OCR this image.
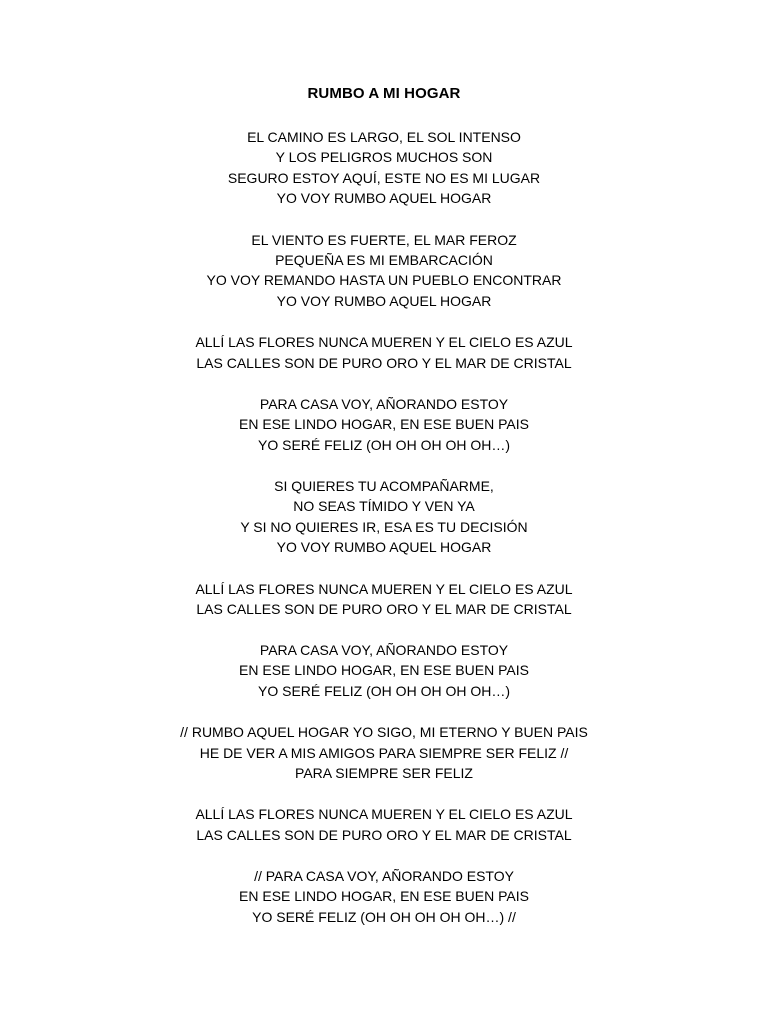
RUMBO A MI HOGAR
EL CAMINO ES LARGO, EL SOL INTENSO
Y LOS PELIGROS MUCHOS SON
SEGURO ESTOY AQUÍ, ESTE NO ES MI LUGAR
YO VOY RUMBO AQUEL HOGAR
EL VIENTO ES FUERTE, EL MAR FEROZ
PEQUEÑA ES MI EMBARCACIÓN
YO VOY REMANDO HASTA UN PUEBLO ENCONTRAR
YO VOY RUMBO AQUEL HOGAR
ALLÍ LAS FLORES NUNCA MUEREN Y EL CIELO ES AZUL
LAS CALLES SON DE PURO ORO Y EL MAR DE CRISTAL
PARA CASA VOY, AÑORANDO ESTOY
EN ESE LINDO HOGAR, EN ESE BUEN PAIS
YO SERÉ FELIZ (OH OH OH OH OH…)
SI QUIERES TU ACOMPAÑARME,
NO SEAS TÍMIDO Y VEN YA
Y SI NO QUIERES IR, ESA ES TU DECISIÓN
YO VOY RUMBO AQUEL HOGAR
ALLÍ LAS FLORES NUNCA MUEREN Y EL CIELO ES AZUL
LAS CALLES SON DE PURO ORO Y EL MAR DE CRISTAL
PARA CASA VOY, AÑORANDO ESTOY
EN ESE LINDO HOGAR, EN ESE BUEN PAIS
YO SERÉ FELIZ (OH OH OH OH OH…)
// RUMBO AQUEL HOGAR YO SIGO, MI ETERNO Y BUEN PAIS
HE DE VER A MIS AMIGOS PARA SIEMPRE SER FELIZ //
PARA SIEMPRE SER FELIZ
ALLÍ LAS FLORES NUNCA MUEREN Y EL CIELO ES AZUL
LAS CALLES SON DE PURO ORO Y EL MAR DE CRISTAL
// PARA CASA VOY, AÑORANDO ESTOY
EN ESE LINDO HOGAR, EN ESE BUEN PAIS
YO SERÉ FELIZ (OH OH OH OH OH…) //
